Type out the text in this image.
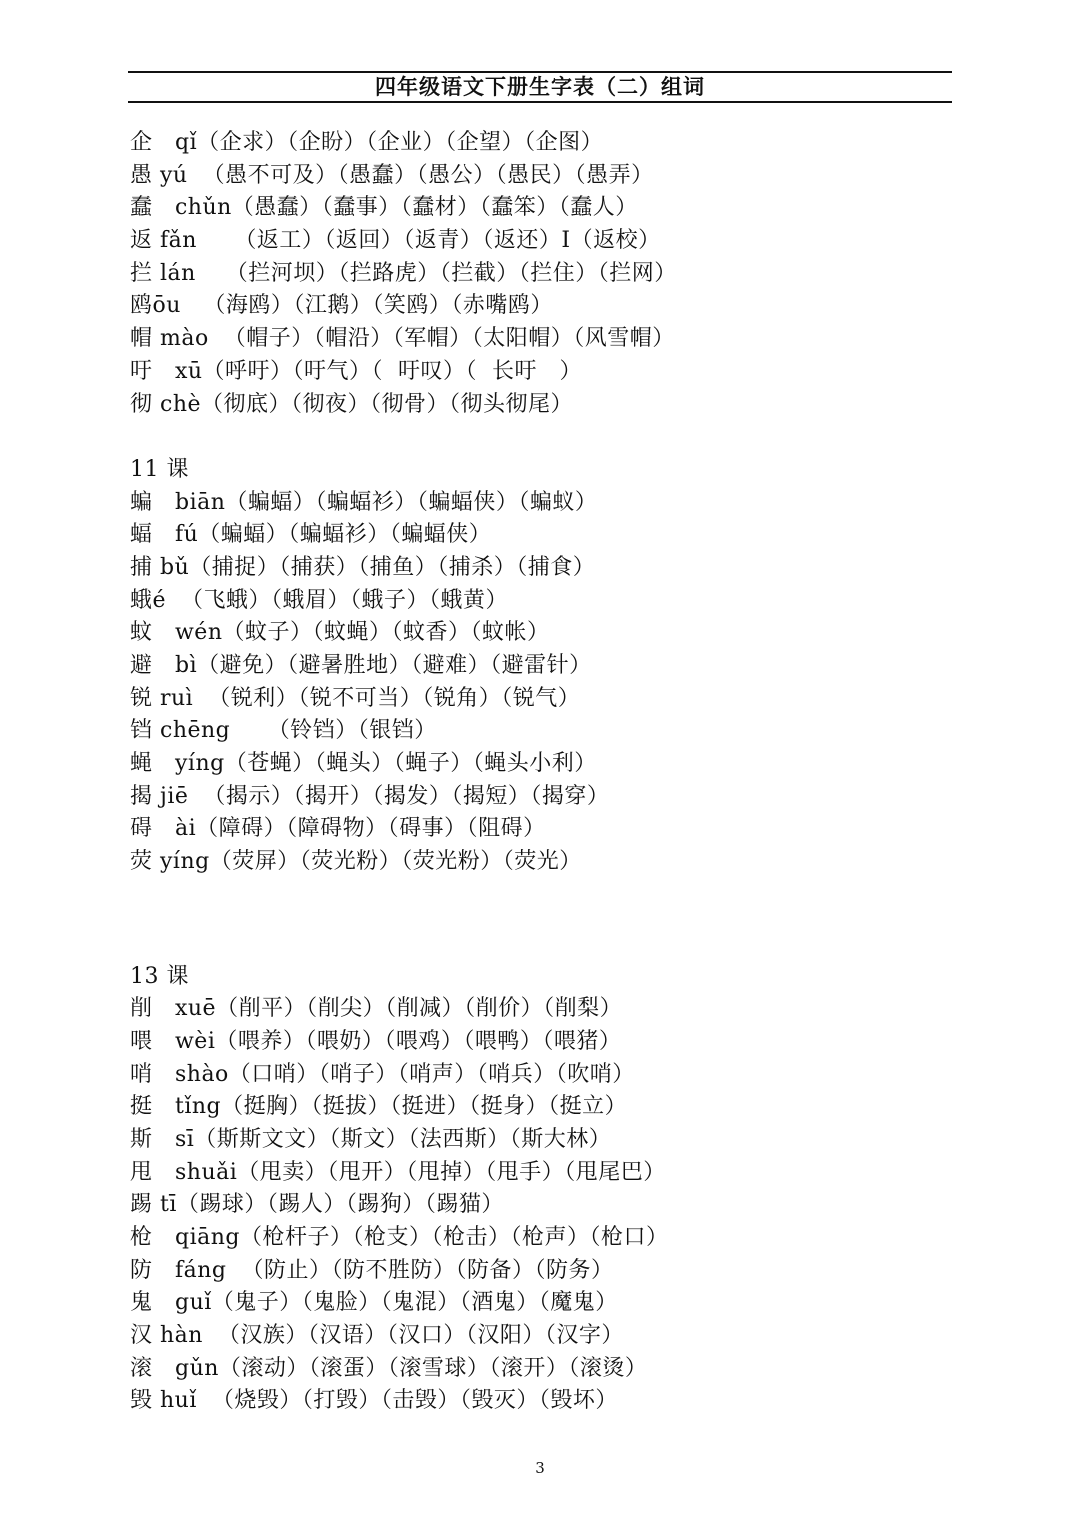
四年级语文下册生字表（二）组词
企   qǐ（企求）（企盼）（企业）（企望）（企图）
愚 yú  （愚不可及）（愚蠢）（愚公）（愚民）（愚弄）
蠢   chǔn（愚蠢）（蠢事）（蠢材）（蠢笨）（蠢人）
返 fǎn     （返工）（返回）（返青）（返还）I（返校）
拦 lán    （拦河坝）（拦路虎）（拦截）（拦住）（拦网）
鸥ōu   （海鸥）（江鹅）（笑鸥）（赤嘴鸥）
帽 mào  （帽子）（帽沿）（军帽）（太阳帽）（风雪帽）
吁   xū（呼吁）（吁气）（  吁叹）（  长吁   ）
彻 chè（彻底）（彻夜）（彻骨）（彻头彻尾）
11 课
蝙   biān（蝙蝠）（蝙蝠衫）（蝙蝠侠）（蝙蚁）
蝠   fú（蝙蝠）（蝙蝠衫）（蝙蝠侠）
捕 bǔ（捕捉）（捕获）（捕鱼）（捕杀）（捕食）
蛾é  （飞蛾）（蛾眉）（蛾子）（蛾黄）
蚊   wén（蚊子）（蚊蝇）（蚊香）（蚊帐）
避   bì（避免）（避暑胜地）（避难）（避雷针）
锐 ruì  （锐利）（锐不可当）（锐角）（锐气）
铛 chēng     （铃铛）（银铛）
蝇   yíng（苍蝇）（蝇头）（蝇子）（蝇头小利）
揭 jiē  （揭示）（揭开）（揭发）（揭短）（揭穿）
碍   ài（障碍）（障碍物）（碍事）（阻碍）
荧 yíng（荧屏）（荧光粉）（荧光粉）（荧光）
13 课
削   xuē（削平）（削尖）（削减）（削价）（削梨）
喂   wèi（喂养）（喂奶）（喂鸡）（喂鸭）（喂猪）
哨   shào（口哨）（哨子）（哨声）（哨兵）（吹哨）
挺   tǐng（挺胸）（挺拔）（挺进）（挺身）（挺立）
斯   sī（斯斯文文）（斯文）（法西斯）（斯大林）
甩   shuǎi（甩卖）（甩开）（甩掉）（甩手）（甩尾巴）
踢 tī（踢球）（踢人）（踢狗）（踢猫）
枪   qiāng（枪杆子）（枪支）（枪击）（枪声）（枪口）
防   fáng  （防止）（防不胜防）（防备）（防务）
鬼   guǐ（鬼子）（鬼脸）（鬼混）（酒鬼）（魔鬼）
汉 hàn  （汉族）（汉语）（汉口）（汉阳）（汉字）
滚   gǔn（滚动）（滚蛋）（滚雪球）（滚开）（滚烫）
毁 huǐ  （烧毁）（打毁）（击毁）（毁灭）（毁坏）
3
